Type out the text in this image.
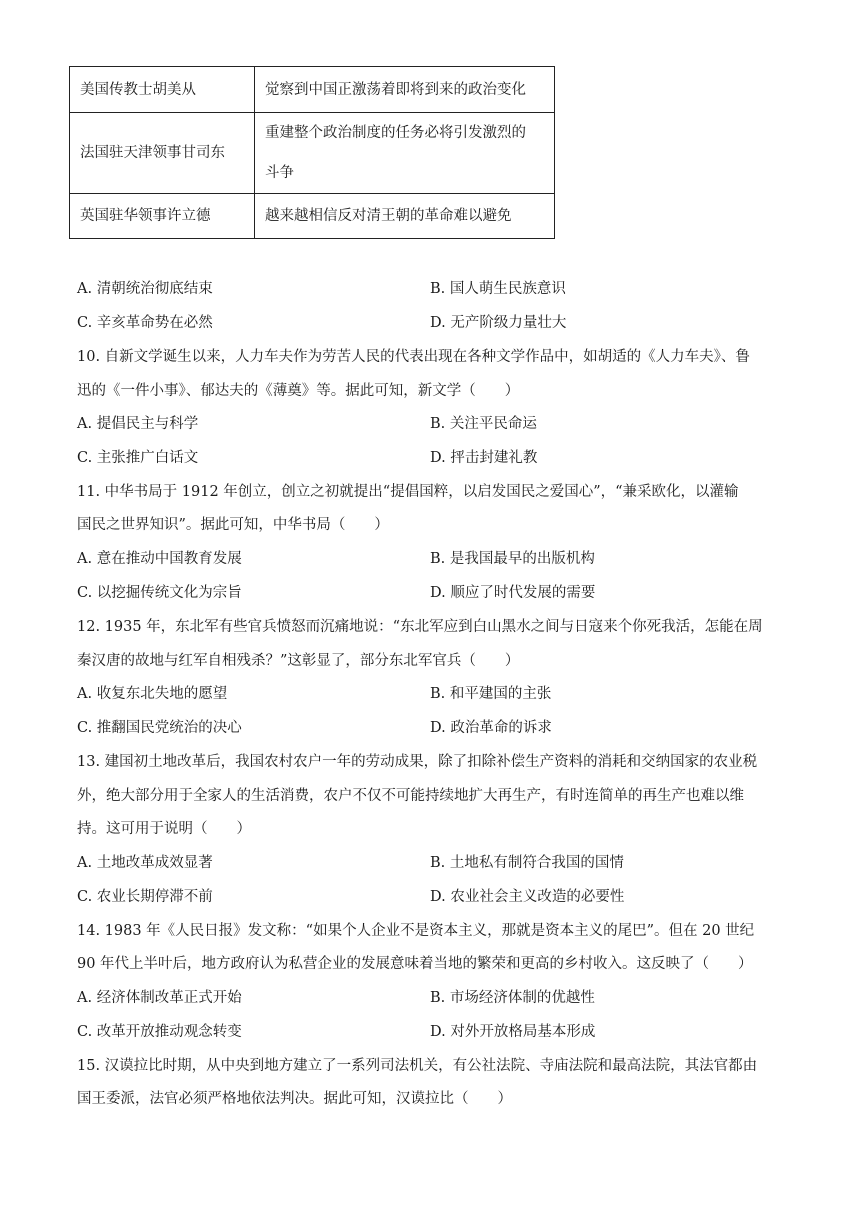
美国传教士胡美从	觉察到中国正激荡着即将到来的政治变化
法国驻天津领事甘司东	重建整个政治制度的任务必将引发激烈的斗争
英国驻华领事许立德	越来越相信反对清王朝的革命难以避免
A. 清朝统治彻底结束	B. 国人萌生民族意识
C. 辛亥革命势在必然	D. 无产阶级力量壮大
10. 自新文学诞生以来，人力车夫作为劳苦人民的代表出现在各种文学作品中，如胡适的《人力车夫》、鲁
迅的《一件小事》、郁达夫的《薄奠》等。据此可知，新文学（　　）
A. 提倡民主与科学	B. 关注平民命运
C. 主张推广白话文	D. 抨击封建礼教
11. 中华书局于 1912 年创立，创立之初就提出“提倡国粹，以启发国民之爱国心”，“兼采欧化，以灌输
国民之世界知识”。据此可知，中华书局（　　）
A. 意在推动中国教育发展	B. 是我国最早的出版机构
C. 以挖掘传统文化为宗旨	D. 顺应了时代发展的需要
12. 1935 年，东北军有些官兵愤怒而沉痛地说：“东北军应到白山黑水之间与日寇来个你死我活，怎能在周
秦汉唐的故地与红军自相残杀？”这彰显了，部分东北军官兵（　　）
A. 收复东北失地的愿望	B. 和平建国的主张
C. 推翻国民党统治的决心	D. 政治革命的诉求
13. 建国初土地改革后，我国农村农户一年的劳动成果，除了扣除补偿生产资料的消耗和交纳国家的农业税
外，绝大部分用于全家人的生活消费，农户不仅不可能持续地扩大再生产，有时连简单的再生产也难以维
持。这可用于说明（　　）
A. 土地改革成效显著	B. 土地私有制符合我国的国情
C. 农业长期停滞不前	D. 农业社会主义改造的必要性
14. 1983 年《人民日报》发文称：“如果个人企业不是资本主义，那就是资本主义的尾巴”。但在 20 世纪
90 年代上半叶后，地方政府认为私营企业的发展意味着当地的繁荣和更高的乡村收入。这反映了（　　）
A. 经济体制改革正式开始	B. 市场经济体制的优越性
C. 改革开放推动观念转变	D. 对外开放格局基本形成
15. 汉谟拉比时期，从中央到地方建立了一系列司法机关，有公社法院、寺庙法院和最高法院，其法官都由
国王委派，法官必须严格地依法判决。据此可知，汉谟拉比（　　）
